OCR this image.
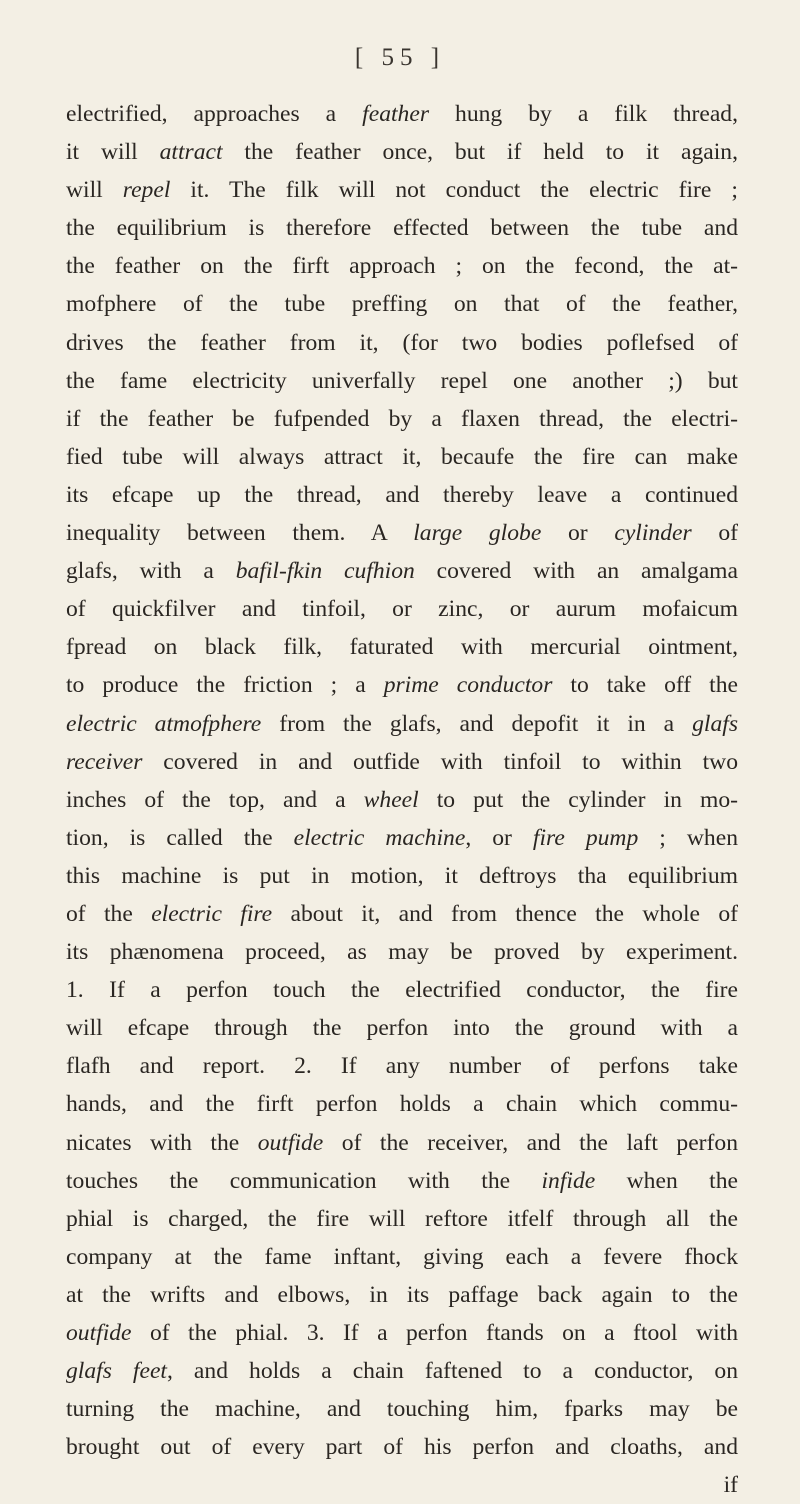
[ 55 ]
electrified, approaches a feather hung by a filk thread,
it will attract the feather once, but if held to it again,
will repel it. The filk will not conduct the electric fire ;
the equilibrium is therefore effected between the tube and
the feather on the firft approach ; on the fecond, the at-
mofphere of the tube preffing on that of the feather,
drives the feather from it, (for two bodies poflefsed of
the fame electricity univerfally repel one another ;) but
if the feather be fufpended by a flaxen thread, the electri-
fied tube will always attract it, becaufe the fire can make
its efcape up the thread, and thereby leave a continued
inequality between them. A large globe or cylinder of
glafs, with a bafil-fkin cufhion covered with an amalgama
of quickfilver and tinfoil, or zinc, or aurum mofaicum
fpread on black filk, faturated with mercurial ointment,
to produce the friction ; a prime conductor to take off the
electric atmofphere from the glafs, and depofit it in a glafs
receiver covered in and outfide with tinfoil to within two
inches of the top, and a wheel to put the cylinder in mo-
tion, is called the electric machine, or fire pump ; when
this machine is put in motion, it deftroys tha equilibrium
of the electric fire about it, and from thence the whole of
its phænomena proceed, as may be proved by experiment.
1. If a perfon touch the electrified conductor, the fire
will efcape through the perfon into the ground with a
flafh and report. 2. If any number of perfons take
hands, and the firft perfon holds a chain which commu-
nicates with the outfide of the receiver, and the laft perfon
touches the communication with the infide when the
phial is charged, the fire will reftore itfelf through all the
company at the fame inftant, giving each a fevere fhock
at the wrifts and elbows, in its paffage back again to the
outfide of the phial. 3. If a perfon ftands on a ftool with
glafs feet, and holds a chain faftened to a conductor, on
turning the machine, and touching him, fparks may be
brought out of every part of his perfon and cloaths, and
if
